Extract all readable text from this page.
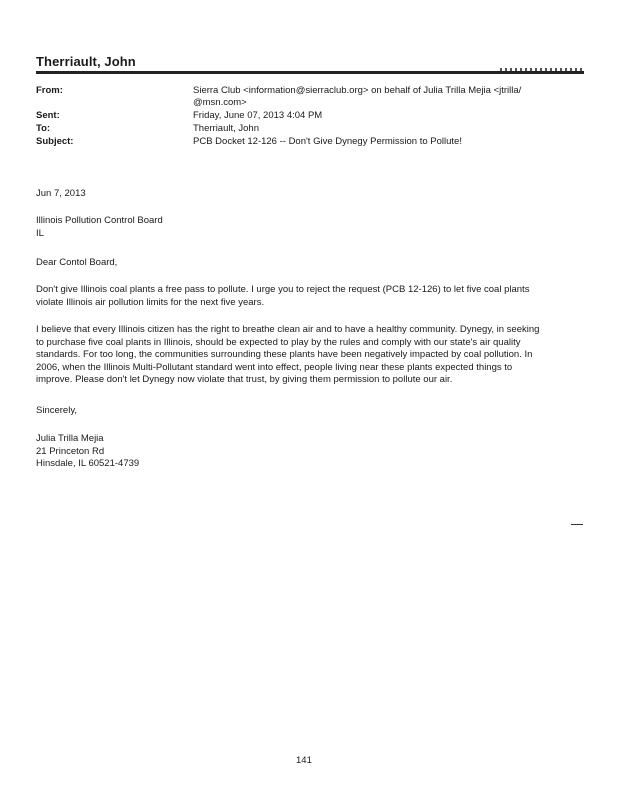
Therriault, John
From:	Sierra Club <information@sierraclub.org> on behalf of Julia Trilla Mejia <jtrilla/
@msn.com>
Sent:	Friday, June 07, 2013 4:04 PM
To:	Therriault, John
Subject:	PCB Docket 12-126 -- Don't Give Dynegy Permission to Pollute!
Jun 7, 2013
Illinois Pollution Control Board
IL
Dear Contol Board,
Don't give Illinois coal plants a free pass to pollute. I urge you to reject the request (PCB 12-126) to let five coal plants
violate Illinois air pollution limits for the next five years.
I believe that every Illinois citizen has the right to breathe clean air and to have a healthy community. Dynegy, in seeking
to purchase five coal plants in Illinois, should be expected to play by the rules and comply with our state's air quality
standards. For too long, the communities surrounding these plants have been negatively impacted by coal pollution. In
2006, when the Illinois Multi-Pollutant standard went into effect, people living near these plants expected things to
improve. Please don't let Dynegy now violate that trust, by giving them permission to pollute our air.
Sincerely,
Julia Trilla Mejia
21 Princeton Rd
Hinsdale, IL 60521-4739
141
